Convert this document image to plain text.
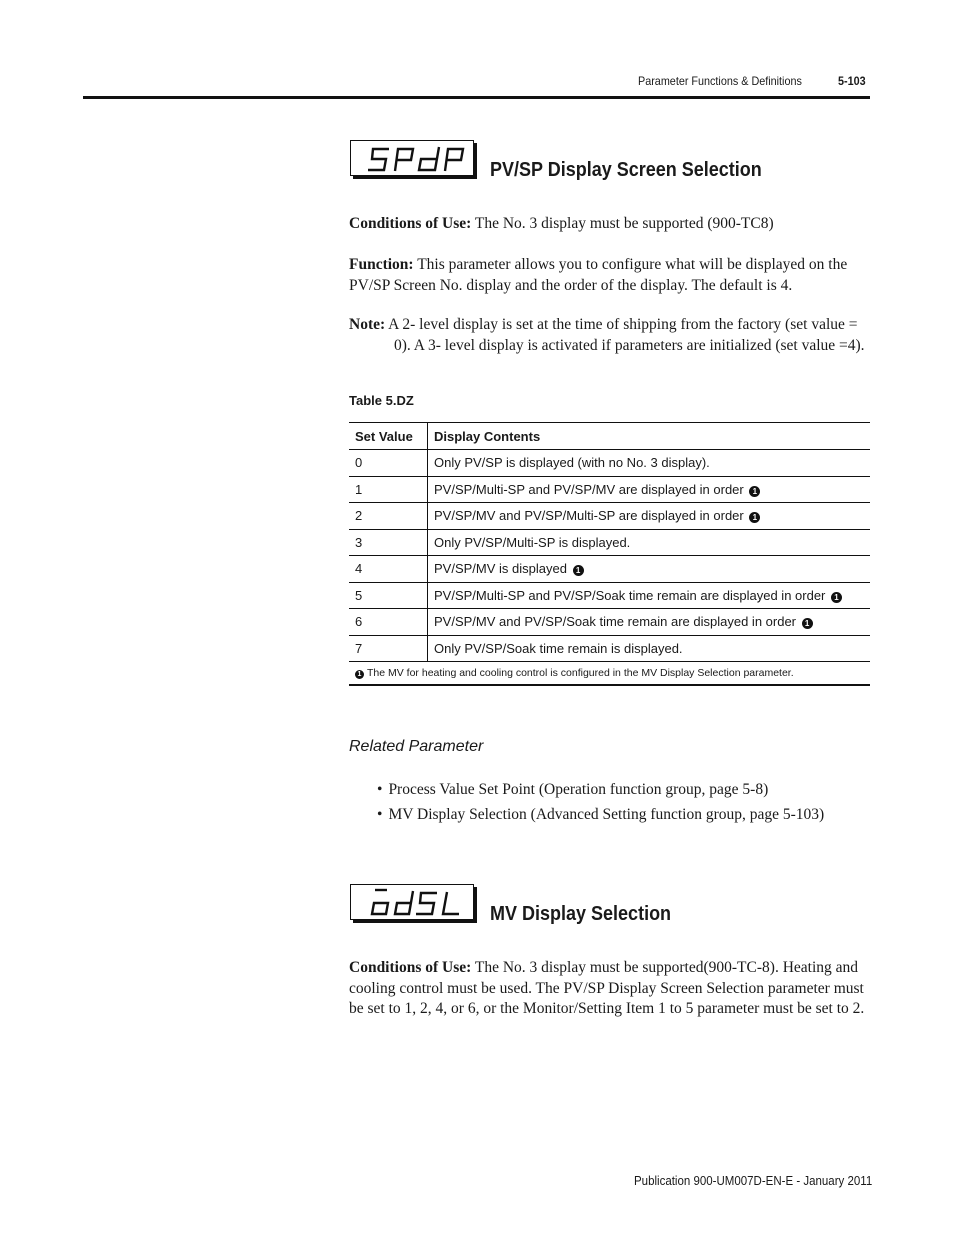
Parameter Functions & Definitions	5-103
PV/SP Display Screen Selection
Conditions of Use: The No. 3 display must be supported (900-TC8)
Function: This parameter allows you to configure what will be displayed on the PV/SP Screen No. display and the order of the display. The default is 4.
Note: A 2- level display is set at the time of shipping from the factory (set value = 0). A 3- level display is activated if parameters are initialized (set value =4).
Table 5.DZ
Set Value	Display Contents
0	Only PV/SP is displayed (with no No. 3 display).
1	PV/SP/Multi-SP and PV/SP/MV are displayed in order 1
2	PV/SP/MV and PV/SP/Multi-SP are displayed in order 1
3	Only PV/SP/Multi-SP is displayed.
4	PV/SP/MV is displayed 1
5	PV/SP/Multi-SP and PV/SP/Soak time remain are displayed in order 1
6	PV/SP/MV and PV/SP/Soak time remain are displayed in order 1
7	Only PV/SP/Soak time remain is displayed.
1 The MV for heating and cooling control is configured in the MV Display Selection parameter.	
Related Parameter
• Process Value Set Point (Operation function group, page 5-8)
• MV Display Selection (Advanced Setting function group, page 5-103)
MV Display Selection
Conditions of Use: The No. 3 display must be supported(900-TC-8). Heating and cooling control must be used. The PV/SP Display Screen Selection parameter must be set to 1, 2, 4, or 6, or the Monitor/Setting Item 1 to 5 parameter must be set to 2.
Publication 900-UM007D-EN-E - January 2011
